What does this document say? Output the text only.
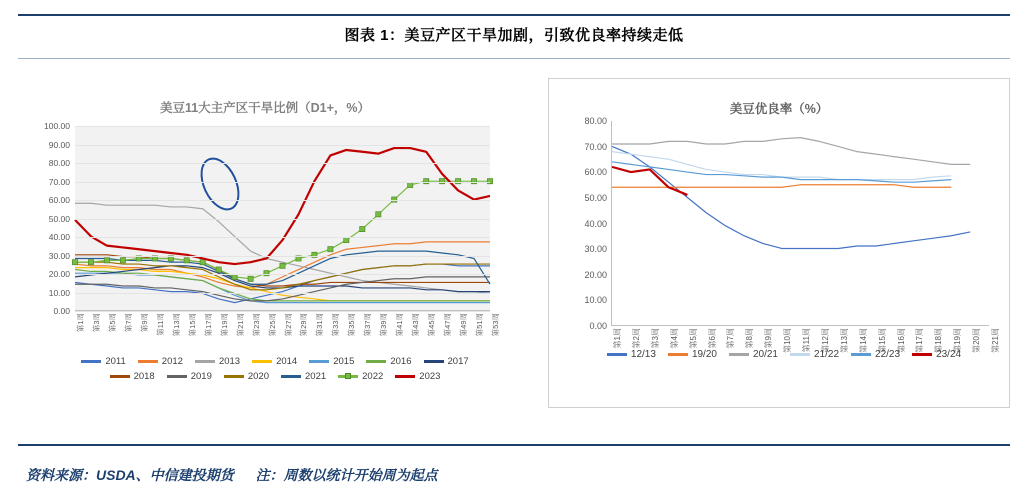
图表 1：美豆产区干旱加剧，引致优良率持续走低
美豆11大主产区干旱比例（D1+，%）
0.00
10.00
20.00
30.00
40.00
50.00
60.00
70.00
80.00
90.00
100.00
第1周 第3周 第5周 第7周 第9周 第11周 第13周 第15周 第17周 第19周 第21周 第23周 第25周 第27周 第29周 第31周 第33周 第35周 第37周 第39周 第41周 第43周 第45周 第47周 第49周 第51周 第53周
2011	2012	2013	2014	2015	2016	2017
2018	2019	2020	2021	2022	2023
美豆优良率（%）
0.00
10.00
20.00
30.00
40.00
50.00
60.00
70.00
80.00
第1周 第2周 第3周 第4周 第5周 第6周 第7周 第8周 第9周 第10周 第11周 第12周 第13周 第14周 第15周 第16周 第17周 第18周 第19周 第20周 第21周
12/13	19/20	20/21	21/22	22/23	23/24
资料来源：USDA、中信建投期货 注：周数以统计开始周为起点
